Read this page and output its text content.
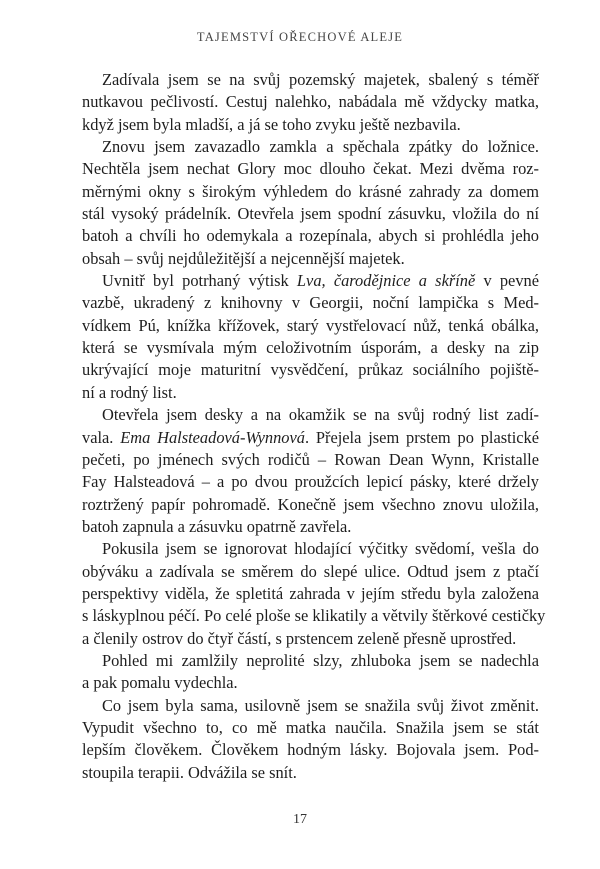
TAJEMSTVÍ OŘECHOVÉ ALEJE
Zadívala jsem se na svůj pozemský majetek, sbalený s téměř
nutkavou pečlivostí. Cestuj nalehko, nabádala mě vždycky matka,
když jsem byla mladší, a já se toho zvyku ještě nezbavila.
Znovu jsem zavazadlo zamkla a spěchala zpátky do ložnice.
Nechtěla jsem nechat Glory moc dlouho čekat. Mezi dvěma roz-
měrnými okny s širokým výhledem do krásné zahrady za domem
stál vysoký prádelník. Otevřela jsem spodní zásuvku, vložila do ní
batoh a chvíli ho odemykala a rozepínala, abych si prohlédla jeho
obsah – svůj nejdůležitější a nejcennější majetek.
Uvnitř byl potrhaný výtisk Lva, čarodějnice a skříně v pevné
vazbě, ukradený z knihovny v Georgii, noční lampička s Med-
vídkem Pú, knížka křížovek, starý vystřelovací nůž, tenká obálka,
která se vysmívala mým celoživotním úsporám, a desky na zip
ukrývající moje maturitní vysvědčení, průkaz sociálního pojiště-
ní a rodný list.
Otevřela jsem desky a na okamžik se na svůj rodný list zadí-
vala. Ema Halsteadová-Wynnová. Přejela jsem prstem po plastické
pečeti, po jménech svých rodičů – Rowan Dean Wynn, Kristalle
Fay Halsteadová – a po dvou proužcích lepicí pásky, které držely
roztržený papír pohromadě. Konečně jsem všechno znovu uložila,
batoh zapnula a zásuvku opatrně zavřela.
Pokusila jsem se ignorovat hlodající výčitky svědomí, vešla do
obýváku a zadívala se směrem do slepé ulice. Odtud jsem z ptačí
perspektivy viděla, že spletitá zahrada v jejím středu byla založena
s láskyplnou péčí. Po celé ploše se klikatily a větvily štěrkové cestičky
a členily ostrov do čtyř částí, s prstencem zeleně přesně uprostřed.
Pohled mi zamlžily neprolité slzy, zhluboka jsem se nadechla
a pak pomalu vydechla.
Co jsem byla sama, usilovně jsem se snažila svůj život změnit.
Vypudit všechno to, co mě matka naučila. Snažila jsem se stát
lepším člověkem. Člověkem hodným lásky. Bojovala jsem. Pod-
stoupila terapii. Odvážila se snít.
17
